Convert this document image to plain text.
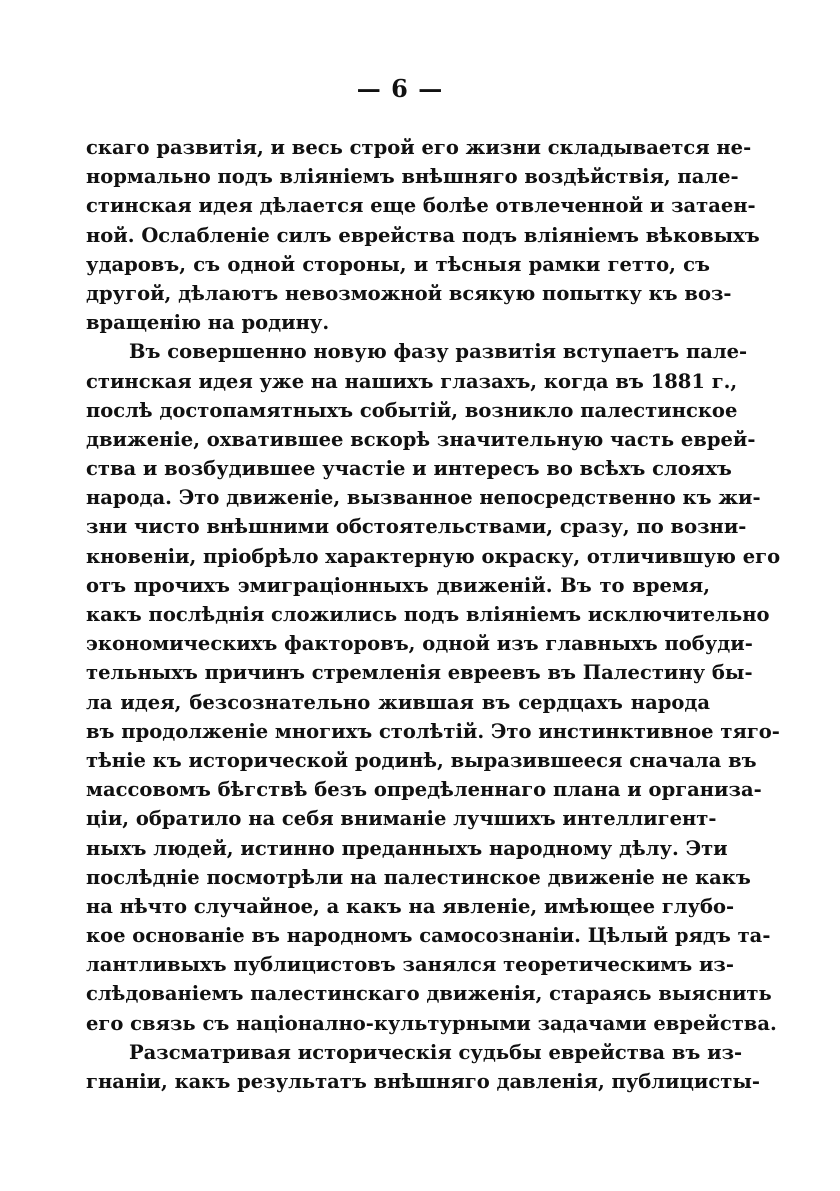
— 6 —
скаго развитія, и весь строй его жизни складывается не-
нормально подъ вліяніемъ внѣшняго воздѣйствія, пале-
стинская идея дѣлается еще болѣе отвлеченной и затаен-
ной. Ослабленіе силъ еврейства подъ вліяніемъ вѣковыхъ
ударовъ, съ одной стороны, и тѣсныя рамки гетто, съ
другой, дѣлаютъ невозможной всякую попытку къ воз-
вращенію на родину.
Въ совершенно новую фазу развитія вступаетъ пале-
стинская идея уже на нашихъ глазахъ, когда въ 1881 г.,
послѣ достопамятныхъ событій, возникло палестинское
движеніе, охватившее вскорѣ значительную часть еврей-
ства и возбудившее участіе и интересъ во всѣхъ слояхъ
народа. Это движеніе, вызванное непосредственно къ жи-
зни чисто внѣшними обстоятельствами, сразу, по возни-
кновеніи, пріобрѣло характерную окраску, отличившую его
отъ прочихъ эмиграціонныхъ движеній. Въ то время,
какъ послѣднія сложились подъ вліяніемъ исключительно
экономическихъ факторовъ, одной изъ главныхъ побуди-
тельныхъ причинъ стремленія евреевъ въ Палестину бы-
ла идея, безсознательно жившая въ сердцахъ народа
въ продолженіе многихъ столѣтій. Это инстинктивное тяго-
тѣніе къ исторической родинѣ, выразившееся сначала въ
массовомъ бѣгствѣ безъ опредѣленнаго плана и организа-
ціи, обратило на себя вниманіе лучшихъ интеллигент-
ныхъ людей, истинно преданныхъ народному дѣлу. Эти
послѣдніе посмотрѣли на палестинское движеніе не какъ
на нѣчто случайное, а какъ на явленіе, имѣющее глубо-
кое основаніе въ народномъ самосознаніи. Цѣлый рядъ та-
лантливыхъ публицистовъ занялся теоретическимъ из-
слѣдованіемъ палестинскаго движенія, стараясь выяснить
его связь съ націонално-культурными задачами еврейства.
Разсматривая историческія судьбы еврейства въ из-
гнаніи, какъ результатъ внѣшняго давленія, публицисты-
